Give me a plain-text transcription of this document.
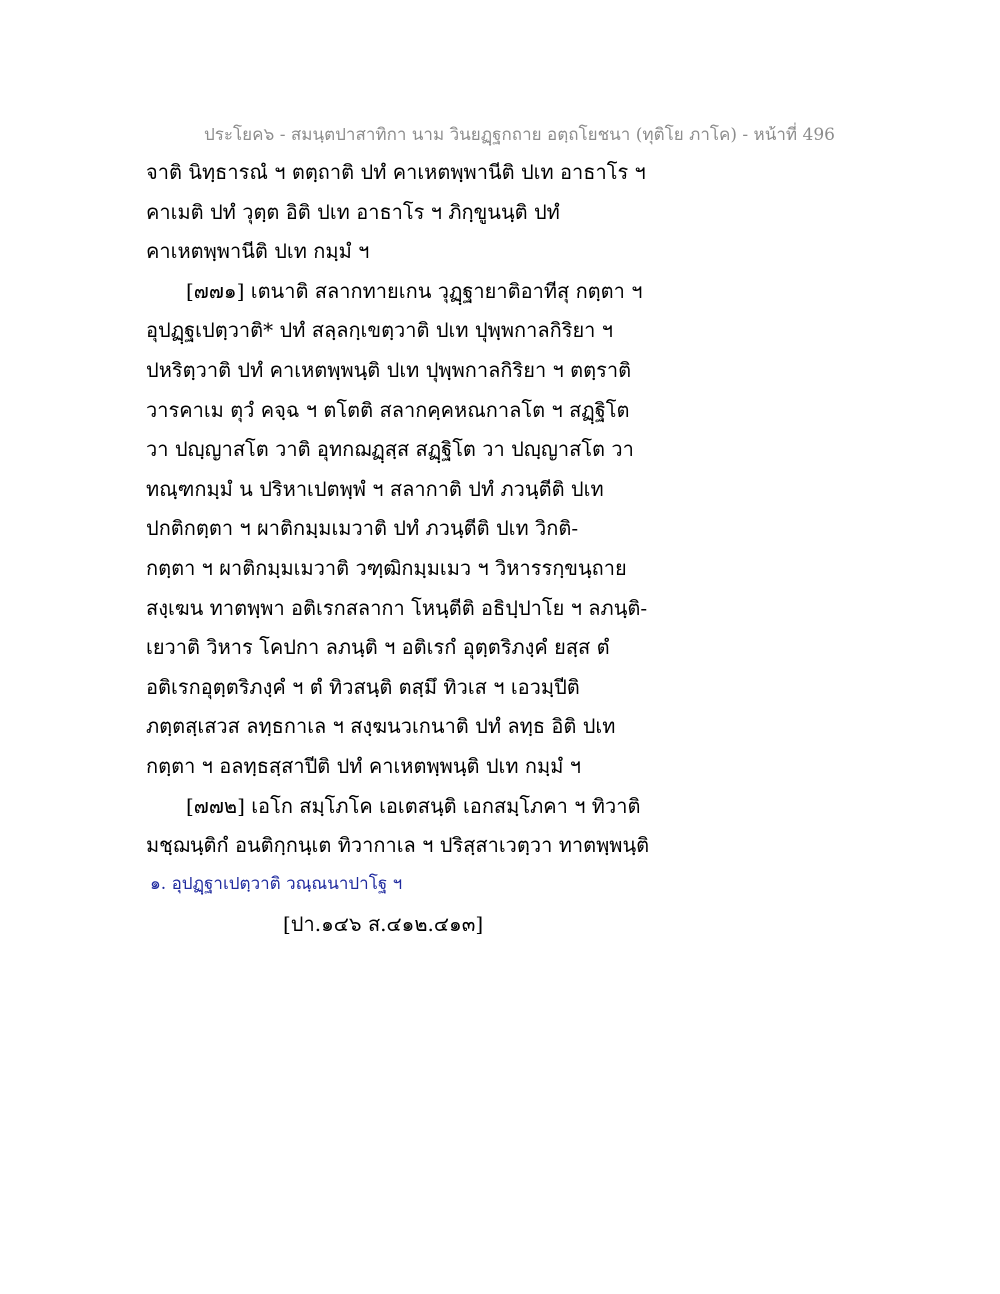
ประโยค๖ - สมนฺตปาสาทิกา นาม วินยฏฺฐกถาย อตฺถโยชนา (ทุติโย ภาโค) - หน้าที่ 496
จาติ นิทฺธารณํ ฯ ตตฺถาติ ปทํ คาเหตพฺพานีติ ปเท อาธาโร ฯ
คาเมติ ปทํ วุตฺต อิติ ปเท อาธาโร ฯ ภิกฺขูนนฺติ ปทํ
คาเหตพฺพานีติ ปเท กมฺมํ ฯ
[๗๗๑] เตนาติ สลากทายเกน วุฏฺฐายาติอาทีสุ กตฺตา ฯ
อุปฏฺฐเปตฺวาติ* ปทํ สลฺลกฺเขตฺวาติ ปเท ปุพฺพกาลกิริยา ฯ
ปหริตฺวาติ ปทํ คาเหตพฺพนฺติ ปเท ปุพฺพกาลกิริยา ฯ ตตฺราติ
วารคาเม ตุวํ คจฺฉ ฯ ตโตติ สลากคฺคหณกาลโต ฯ สฏฺฐิโต
วา ปญฺญาสโต วาติ อุทกฌฏฺสฺส สฏฺฐิโต วา ปญฺญาสโต วา
ทณฺฑกมฺมํ น ปริหาเปตพฺพํ ฯ สลากาติ ปทํ ภวนฺตีติ ปเท
ปกติกตฺตา ฯ ผาติกมฺมเมวาติ ปทํ ภวนฺตีติ ปเท วิกติ-
กตฺตา ฯ ผาติกมฺมเมวาติ วฑฺฒิกมฺมเมว ฯ วิหารรกฺขนฺถาย
สงฺเฆน ทาตพฺพา อติเรกสลากา โหนฺตีติ อธิปฺปาโย ฯ ลภนฺติ-
เยวาติ วิหาร โคปกา ลภนฺติ ฯ อติเรกํ อุตฺตริภงฺคํ ยสฺส ตํ
อติเรกอุตฺตริภงฺคํ ฯ ตํ ทิวสนฺติ ตสฺมึ ทิวเส ฯ เอวมฺปีติ
ภตฺตสฺเสวส ลทฺธกาเล ฯ สงฺฆนวเกนาติ ปทํ ลทฺธ อิติ ปเท
กตฺตา ฯ อลทฺธสฺสาปีติ ปทํ คาเหตพฺพนฺติ ปเท กมฺมํ ฯ
[๗๗๒] เอโก สมฺโภโค เอเตสนฺติ เอกสมฺโภคา ฯ ทิวาติ
มชฺฌนฺติกํ อนติกฺกนฺเต ทิวากาเล ฯ ปริสฺสาเวตฺวา ทาตพฺพนฺติ
๑. อุปฏฺฐาเปตฺวาติ วณฺณนาปาโฐ ฯ
[ปา.๑๔๖ ส.๔๑๒.๔๑๓]
